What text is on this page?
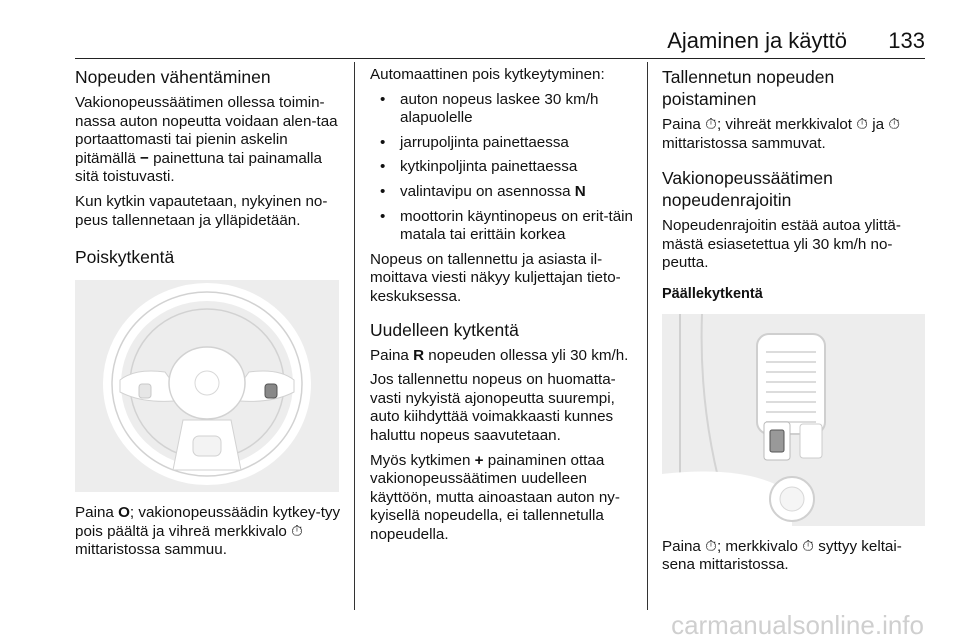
Ajaminen ja käyttö 133
Nopeuden vähentäminen

Vakionopeussäätimen ollessa toimin-nassa auton nopeutta voidaan alen-taa portaattomasti tai pienin askelin pitämällä − painettuna tai painamalla sitä toistuvasti.

Kun kytkin vapautetaan, nykyinen no-peus tallennetaan ja ylläpidetään.

Poiskytkentä

Paina O; vakionopeussäädin kytkey-tyy pois päältä ja vihreä merkkivalo ⏱ mittaristossa sammuu.

Automaattinen pois kytkeytyminen:

• auton nopeus laskee 30 km/h alapuolelle
• jarrupoljinta painettaessa
• kytkinpoljinta painettaessa
• valintavipu on asennossa N
• moottorin käyntinopeus on erit-täin matala tai erittäin korkea

Nopeus on tallennettu ja asiasta il-moittava viesti näkyy kuljettajan tieto-keskuksessa.

Uudelleen kytkentä

Paina R nopeuden ollessa yli 30 km/h.

Jos tallennettu nopeus on huomatta-vasti nykyistä ajonopeutta suurempi, auto kiihdyttää voimakkaasti kunnes haluttu nopeus saavutetaan.

Myös kytkimen + painaminen ottaa vakionopeussäätimen uudelleen käyttöön, mutta ainoastaan auton ny-kyisellä nopeudella, ei tallennetulla nopeudella.

Tallennetun nopeuden poistaminen

Paina ⏱; vihreät merkkivalot ⏱ ja ⏱ mittaristossa sammuvat.

Vakionopeussäätimen nopeudenrajoitin

Nopeudenrajoitin estää autoa ylittä-mästä esiasetettua yli 30 km/h no-peutta.

Päällekytkentä

Paina ⏱; merkkivalo ⏱ syttyy keltai-sena mittaristossa.

carmanualsonline.info
